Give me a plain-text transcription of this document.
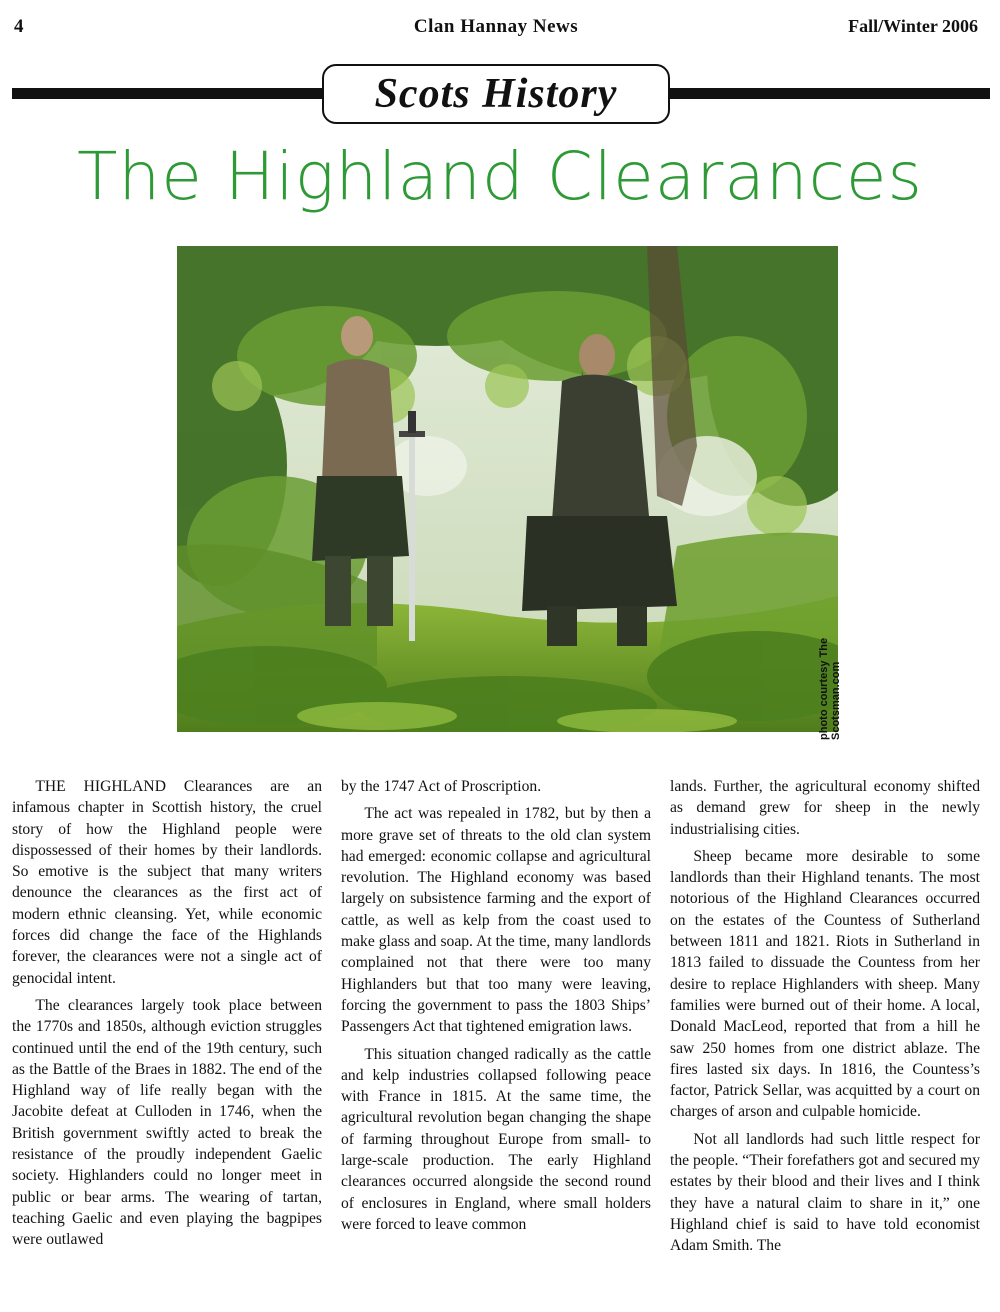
4	Clan Hannay News	Fall/Winter 2006
Scots History
The Highland Clearances
photo courtesy The Scotsman.com

THE HIGHLAND Clearances are an infamous chapter in Scottish history, the cruel story of how the Highland people were dispossessed of their homes by their landlords. So emotive is the subject that many writers denounce the clearances as the first act of modern ethnic cleansing. Yet, while economic forces did change the face of the Highlands forever, the clearances were not a single act of genocidal intent.

The clearances largely took place between the 1770s and 1850s, although eviction struggles continued until the end of the 19th century, such as the Battle of the Braes in 1882. The end of the Highland way of life really began with the Jacobite defeat at Culloden in 1746, when the British government swiftly acted to break the resistance of the proudly independent Gaelic society. Highlanders could no longer meet in public or bear arms. The wearing of tartan, teaching Gaelic and even playing the bagpipes were outlawed

by the 1747 Act of Proscription.

The act was repealed in 1782, but by then a more grave set of threats to the old clan system had emerged: economic collapse and agricultural revolution. The Highland economy was based largely on subsistence farming and the export of cattle, as well as kelp from the coast used to make glass and soap. At the time, many landlords complained not that there were too many Highlanders but that too many were leaving, forcing the government to pass the 1803 Ships’ Passengers Act that tightened emigration laws.

This situation changed radically as the cattle and kelp industries collapsed following peace with France in 1815. At the same time, the agricultural revolution began changing the shape of farming throughout Europe from small- to large-scale production. The early Highland clearances occurred alongside the second round of enclosures in England, where small holders were forced to leave common

lands. Further, the agricultural economy shifted as demand grew for sheep in the newly industrialising cities.

Sheep became more desirable to some landlords than their Highland tenants. The most notorious of the Highland Clearances occurred on the estates of the Countess of Sutherland between 1811 and 1821. Riots in Sutherland in 1813 failed to dissuade the Countess from her desire to replace Highlanders with sheep. Many families were burned out of their home. A local, Donald MacLeod, reported that from a hill he saw 250 homes from one district ablaze. The fires lasted six days. In 1816, the Countess’s factor, Patrick Sellar, was acquitted by a court on charges of arson and culpable homicide.

Not all landlords had such little respect for the people. “Their forefathers got and secured my estates by their blood and their lives and I think they have a natural claim to share in it,” one Highland chief is said to have told economist Adam Smith. The
